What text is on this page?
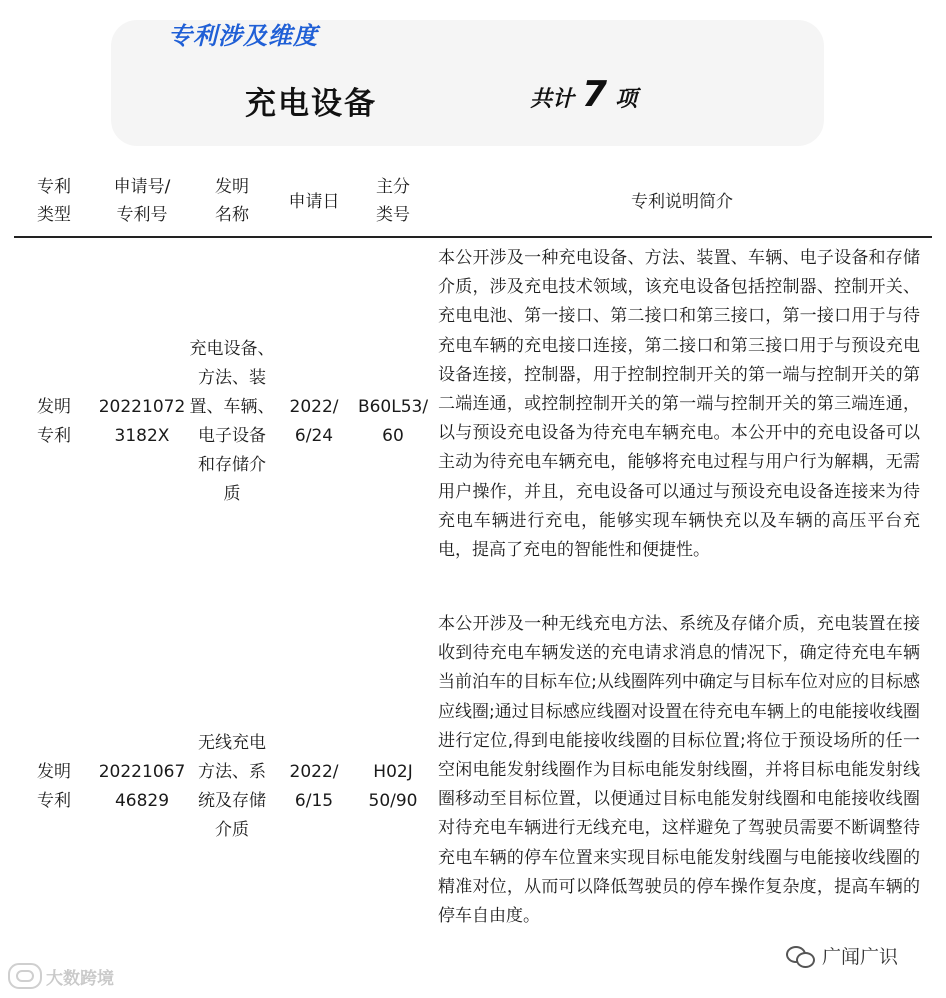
专利涉及维度
充电设备	共计 7 项
专利
类型
申请号/
专利号
发明
名称
申请日
主分
类号
专利说明简介
发明
专利
20221072
3182X
充电设备、
方法、装
置、车辆、
电子设备
和存储介
质
2022/
6/24
B60L53/
60
本公开涉及一种充电设备、方法、装置、车辆、电子设备和存储介质，涉及充电技术领域，该充电设备包括控制器、控制开关、充电电池、第一接口、第二接口和第三接口，第一接口用于与待充电车辆的充电接口连接，第二接口和第三接口用于与预设充电设备连接，控制器，用于控制控制开关的第一端与控制开关的第二端连通，或控制控制开关的第一端与控制开关的第三端连通，以与预设充电设备为待充电车辆充电。本公开中的充电设备可以主动为待充电车辆充电，能够将充电过程与用户行为解耦，无需用户操作，并且，充电设备可以通过与预设充电设备连接来为待充电车辆进行充电，能够实现车辆快充以及车辆的高压平台充电，提高了充电的智能性和便捷性。
发明
专利
20221067
46829
无线充电
方法、系
统及存储
介质
2022/
6/15
H02J
50/90
本公开涉及一种无线充电方法、系统及存储介质，充电装置在接收到待充电车辆发送的充电请求消息的情况下，确定待充电车辆当前泊车的目标车位;从线圈阵列中确定与目标车位对应的目标感应线圈;通过目标感应线圈对设置在待充电车辆上的电能接收线圈进行定位,得到电能接收线圈的目标位置;将位于预设场所的任一空闲电能发射线圈作为目标电能发射线圈，并将目标电能发射线圈移动至目标位置，以便通过目标电能发射线圈和电能接收线圈对待充电车辆进行无线充电，这样避免了驾驶员需要不断调整待充电车辆的停车位置来实现目标电能发射线圈与电能接收线圈的精准对位，从而可以降低驾驶员的停车操作复杂度，提高车辆的停车自由度。
大数跨境
广闻广识
